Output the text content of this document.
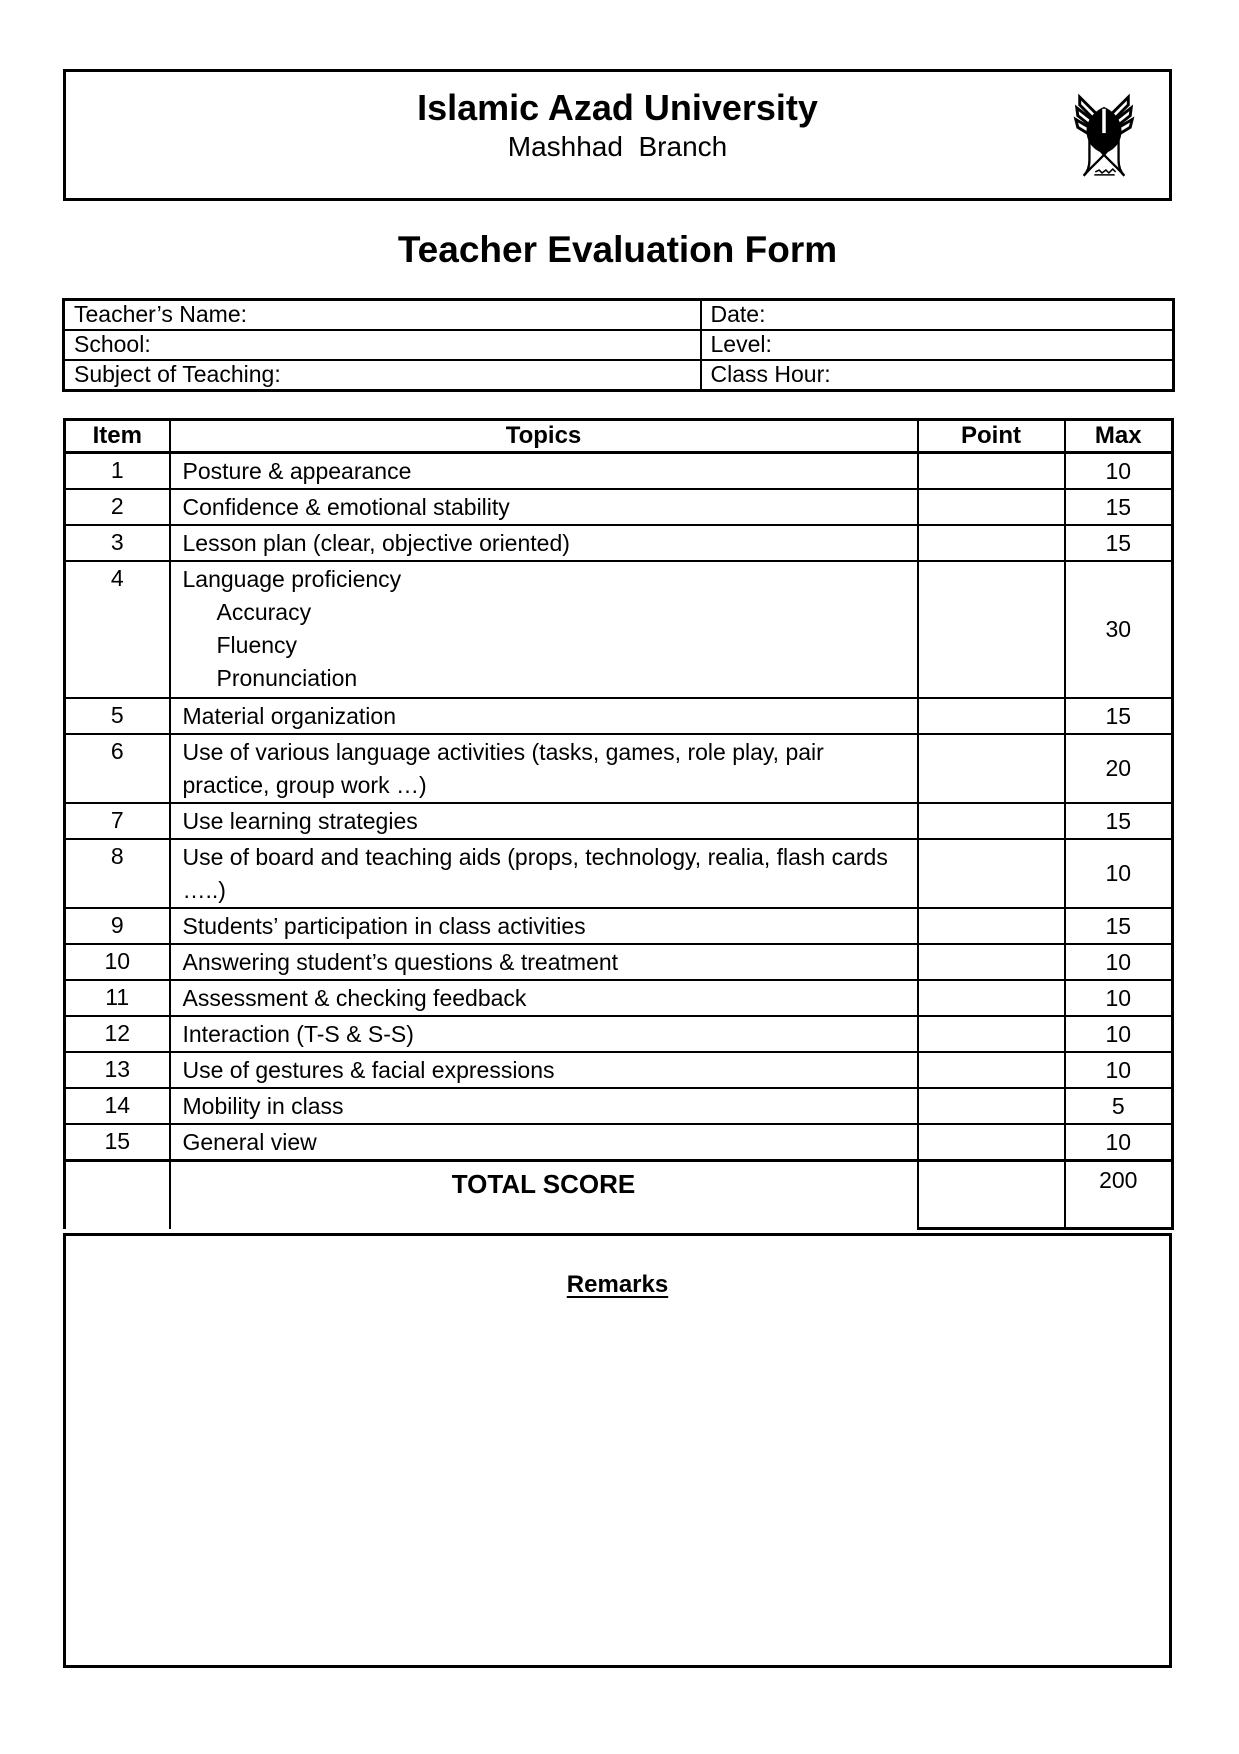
Islamic Azad University
Mashhad  Branch
Teacher Evaluation Form
Teacher’s Name:	Date:
School:	Level:
Subject of Teaching:	Class Hour:
Item	Topics	Point	Max
1	Posture & appearance		10
2	Confidence & emotional stability		15
3	Lesson plan (clear, objective oriented)		15
4	Language proficiency
Accuracy
Fluency
Pronunciation		30
5	Material organization		15
6	Use of various language activities (tasks, games, role play, pair practice, group work …)		20
7	Use learning strategies		15
8	Use of board and teaching aids (props, technology, realia, flash cards …..)		10
9	Students’ participation in class activities		15
10	Answering student’s questions & treatment		10
11	Assessment & checking feedback		10
12	Interaction (T-S & S-S)		10
13	Use of gestures & facial expressions		10
14	Mobility in class		5
15	General view		10
	TOTAL SCORE		200
Remarks
